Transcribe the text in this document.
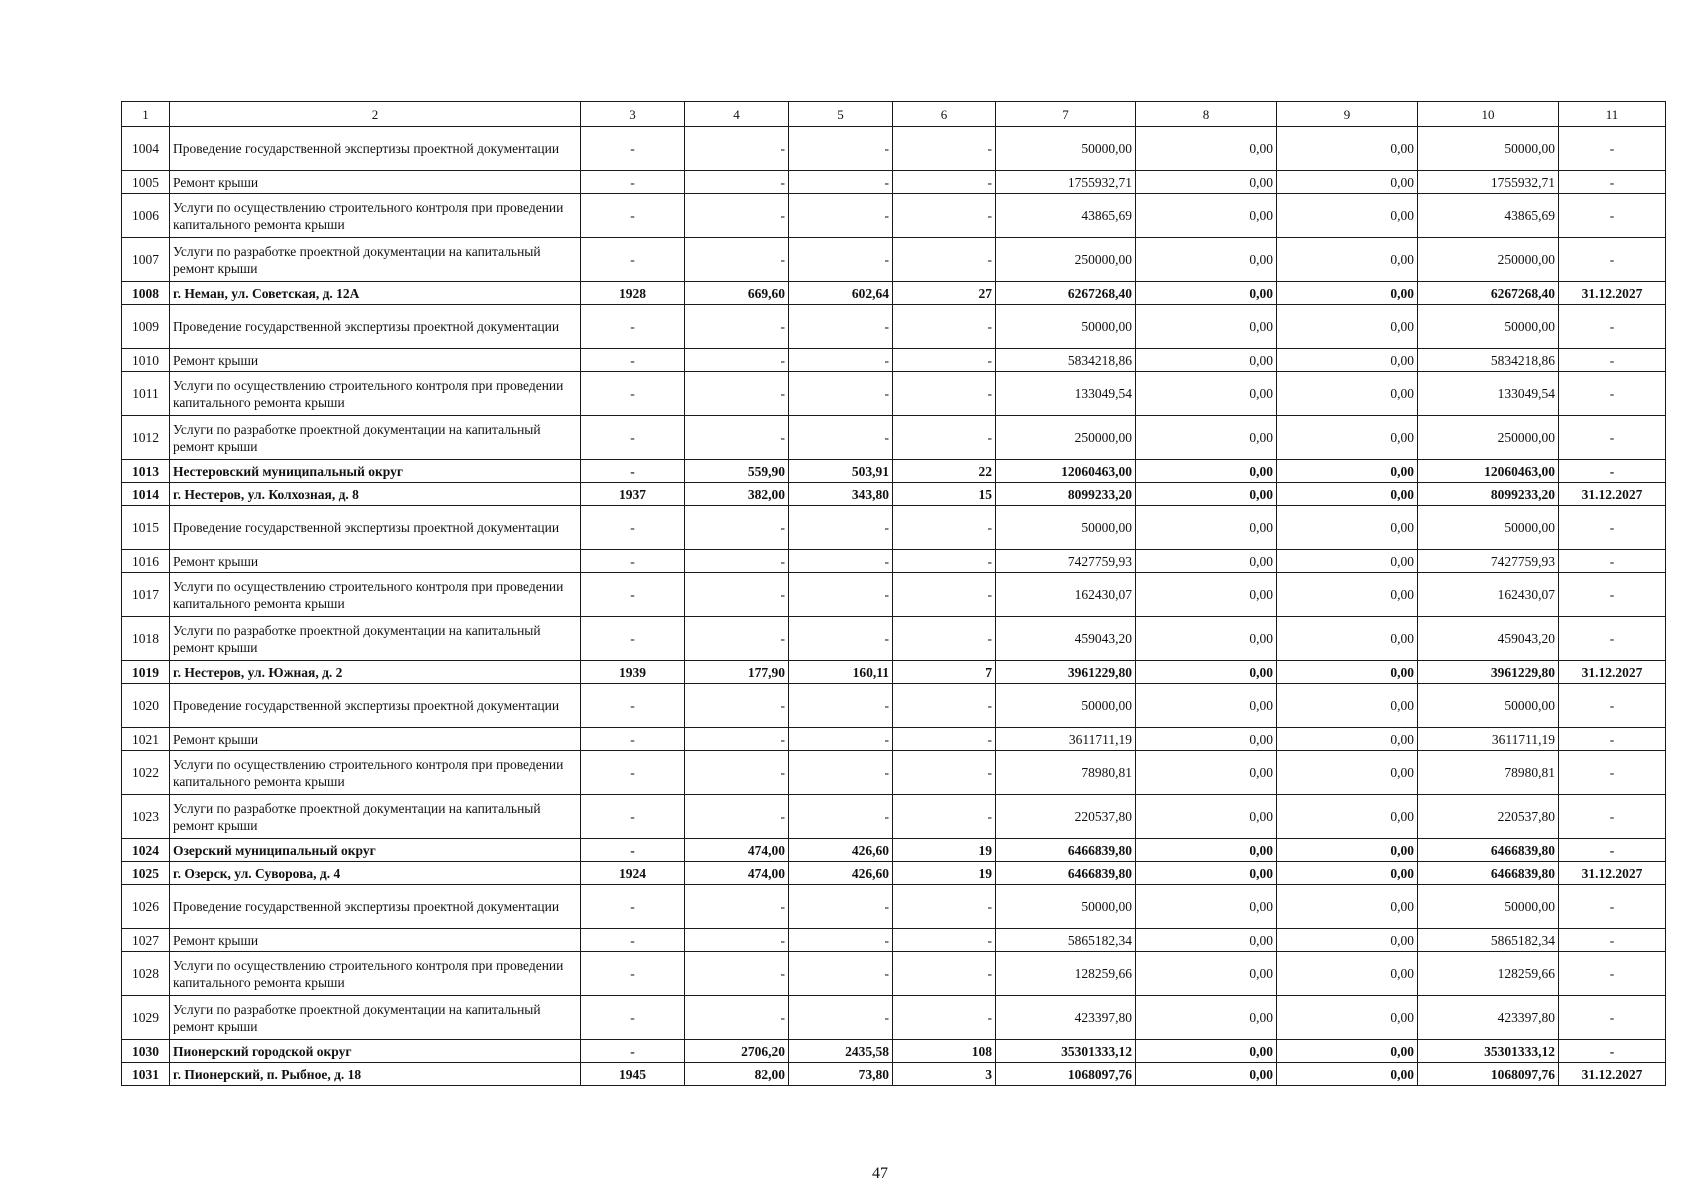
1	2	3	4	5	6	7	8	9	10	11
1004	Проведение государственной экспертизы проектной документации	-	-	-	-	50000,00	0,00	0,00	50000,00	-
1005	Ремонт крыши	-	-	-	-	1755932,71	0,00	0,00	1755932,71	-
1006	Услуги по осуществлению строительного контроля при проведении капитального ремонта крыши	-	-	-	-	43865,69	0,00	0,00	43865,69	-
1007	Услуги по разработке проектной документации на капитальный ремонт крыши	-	-	-	-	250000,00	0,00	0,00	250000,00	-
1008	г. Неман, ул. Советская, д. 12А	1928	669,60	602,64	27	6267268,40	0,00	0,00	6267268,40	31.12.2027
1009	Проведение государственной экспертизы проектной документации	-	-	-	-	50000,00	0,00	0,00	50000,00	-
1010	Ремонт крыши	-	-	-	-	5834218,86	0,00	0,00	5834218,86	-
1011	Услуги по осуществлению строительного контроля при проведении капитального ремонта крыши	-	-	-	-	133049,54	0,00	0,00	133049,54	-
1012	Услуги по разработке проектной документации на капитальный ремонт крыши	-	-	-	-	250000,00	0,00	0,00	250000,00	-
1013	Нестеровский муниципальный округ	-	559,90	503,91	22	12060463,00	0,00	0,00	12060463,00	-
1014	г. Нестеров, ул. Колхозная, д. 8	1937	382,00	343,80	15	8099233,20	0,00	0,00	8099233,20	31.12.2027
1015	Проведение государственной экспертизы проектной документации	-	-	-	-	50000,00	0,00	0,00	50000,00	-
1016	Ремонт крыши	-	-	-	-	7427759,93	0,00	0,00	7427759,93	-
1017	Услуги по осуществлению строительного контроля при проведении капитального ремонта крыши	-	-	-	-	162430,07	0,00	0,00	162430,07	-
1018	Услуги по разработке проектной документации на капитальный ремонт крыши	-	-	-	-	459043,20	0,00	0,00	459043,20	-
1019	г. Нестеров, ул. Южная, д. 2	1939	177,90	160,11	7	3961229,80	0,00	0,00	3961229,80	31.12.2027
1020	Проведение государственной экспертизы проектной документации	-	-	-	-	50000,00	0,00	0,00	50000,00	-
1021	Ремонт крыши	-	-	-	-	3611711,19	0,00	0,00	3611711,19	-
1022	Услуги по осуществлению строительного контроля при проведении капитального ремонта крыши	-	-	-	-	78980,81	0,00	0,00	78980,81	-
1023	Услуги по разработке проектной документации на капитальный ремонт крыши	-	-	-	-	220537,80	0,00	0,00	220537,80	-
1024	Озерский муниципальный округ	-	474,00	426,60	19	6466839,80	0,00	0,00	6466839,80	-
1025	г. Озерск, ул. Суворова, д. 4	1924	474,00	426,60	19	6466839,80	0,00	0,00	6466839,80	31.12.2027
1026	Проведение государственной экспертизы проектной документации	-	-	-	-	50000,00	0,00	0,00	50000,00	-
1027	Ремонт крыши	-	-	-	-	5865182,34	0,00	0,00	5865182,34	-
1028	Услуги по осуществлению строительного контроля при проведении капитального ремонта крыши	-	-	-	-	128259,66	0,00	0,00	128259,66	-
1029	Услуги по разработке проектной документации на капитальный ремонт крыши	-	-	-	-	423397,80	0,00	0,00	423397,80	-
1030	Пионерский городской округ	-	2706,20	2435,58	108	35301333,12	0,00	0,00	35301333,12	-
1031	г. Пионерский, п. Рыбное, д. 18	1945	82,00	73,80	3	1068097,76	0,00	0,00	1068097,76	31.12.2027
47
